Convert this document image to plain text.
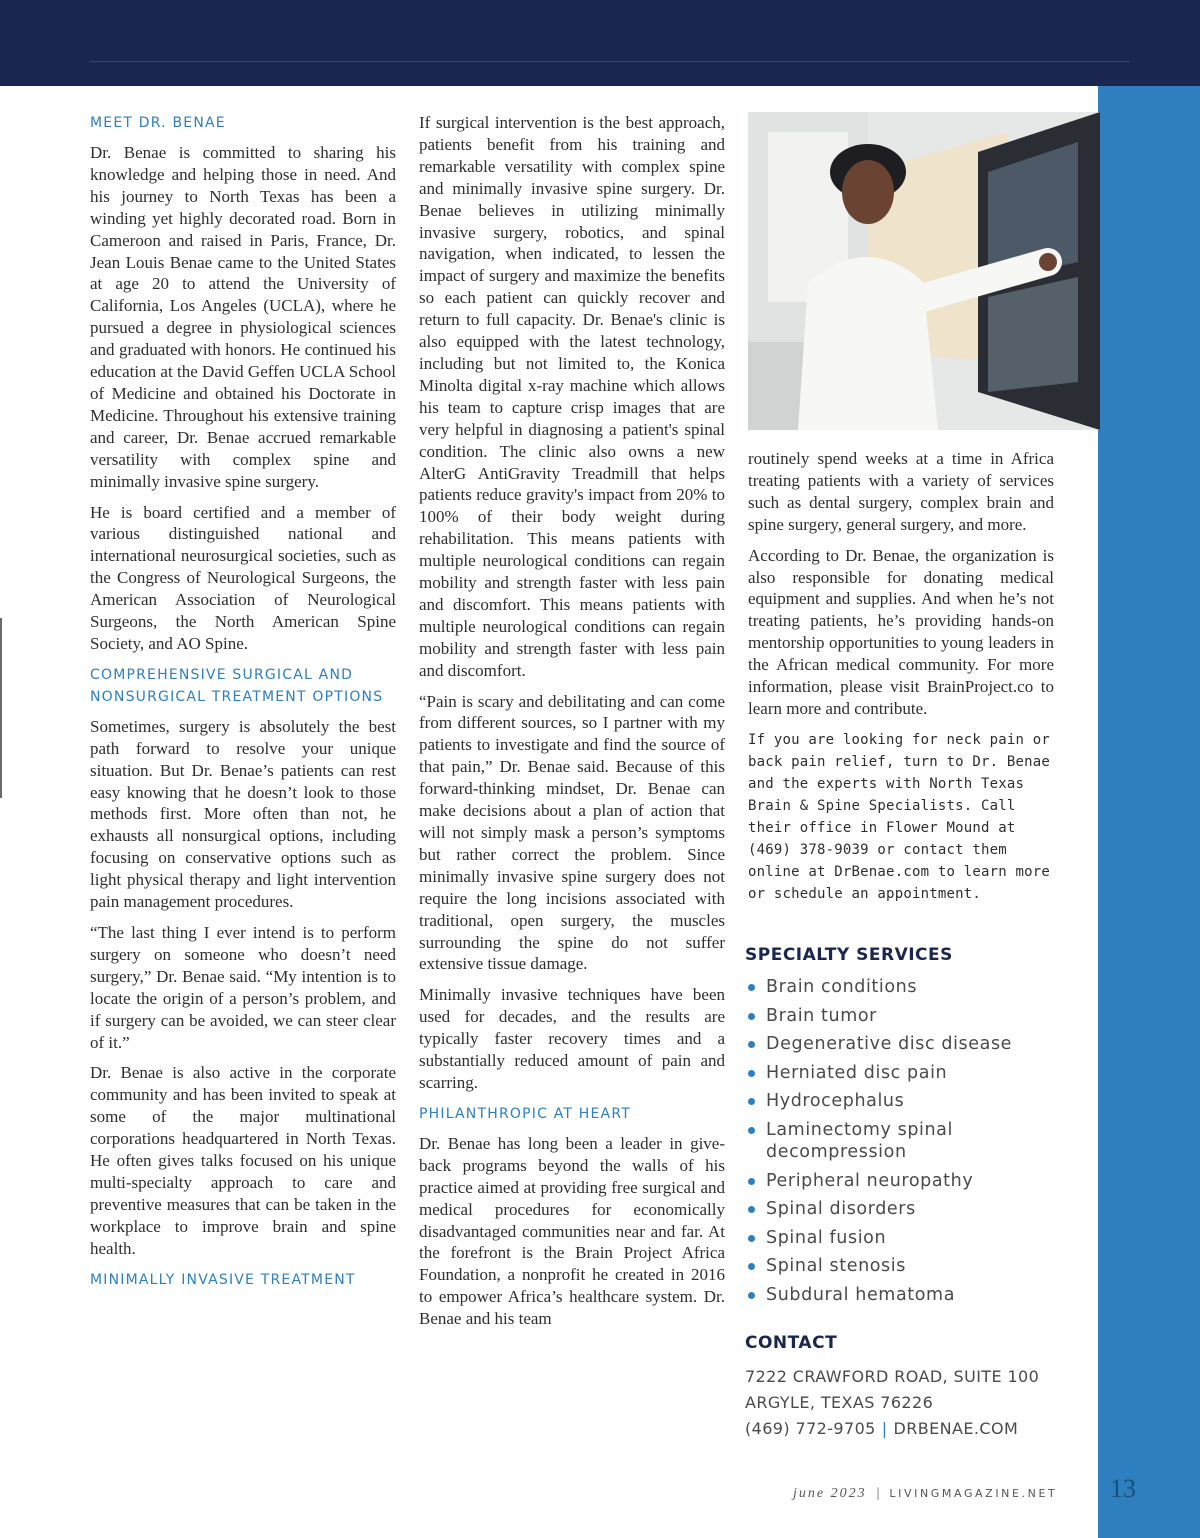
MEET DR. BENAE

Dr. Benae is committed to sharing his knowledge and helping those in need. And his journey to North Texas has been a winding yet highly decorated road. Born in Cameroon and raised in Paris, France, Dr. Jean Louis Benae came to the United States at age 20 to attend the University of California, Los Angeles (UCLA), where he pursued a degree in physiological sciences and graduated with honors. He continued his education at the David Geffen UCLA School of Medicine and obtained his Doctorate in Medicine. Throughout his extensive training and career, Dr. Benae accrued remarkable versatility with complex spine and minimally invasive spine surgery.

He is board certified and a member of various distinguished national and international neurosurgical societies, such as the Congress of Neurological Surgeons, the American Association of Neurological Surgeons, the North American Spine Society, and AO Spine.

COMPREHENSIVE SURGICAL AND NONSURGICAL TREATMENT OPTIONS

Sometimes, surgery is absolutely the best path forward to resolve your unique situation. But Dr. Benae’s patients can rest easy knowing that he doesn’t look to those methods first. More often than not, he exhausts all nonsurgical options, including focusing on conservative options such as light physical therapy and light intervention pain management procedures.

“The last thing I ever intend is to perform surgery on someone who doesn’t need surgery,” Dr. Benae said. “My intention is to locate the origin of a person’s problem, and if surgery can be avoided, we can steer clear of it.”

Dr. Benae is also active in the corporate community and has been invited to speak at some of the major multinational corporations headquartered in North Texas. He often gives talks focused on his unique multi-specialty approach to care and preventive measures that can be taken in the workplace to improve brain and spine health.

MINIMALLY INVASIVE TREATMENT

If surgical intervention is the best approach, patients benefit from his training and remarkable versatility with complex spine and minimally invasive spine surgery. Dr. Benae believes in utilizing minimally invasive surgery, robotics, and spinal navigation, when indicated, to lessen the impact of surgery and maximize the benefits so each patient can quickly recover and return to full capacity. Dr. Benae's clinic is also equipped with the latest technology, including but not limited to, the Konica Minolta digital x-ray machine which allows his team to capture crisp images that are very helpful in diagnosing a patient's spinal condition. The clinic also owns a new AlterG AntiGravity Treadmill that helps patients reduce gravity's impact from 20% to 100% of their body weight during rehabilitation. This means patients with multiple neurological conditions can regain mobility and strength faster with less pain and discomfort. This means patients with multiple neurological conditions can regain mobility and strength faster with less pain and discomfort.

“Pain is scary and debilitating and can come from different sources, so I partner with my patients to investigate and find the source of that pain,” Dr. Benae said. Because of this forward-thinking mindset, Dr. Benae can make decisions about a plan of action that will not simply mask a person’s symptoms but rather correct the problem. Since minimally invasive spine surgery does not require the long incisions associated with traditional, open surgery, the muscles surrounding the spine do not suffer extensive tissue damage.

Minimally invasive techniques have been used for decades, and the results are typically faster recovery times and a substantially reduced amount of pain and scarring.

PHILANTHROPIC AT HEART

Dr. Benae has long been a leader in give-back programs beyond the walls of his practice aimed at providing free surgical and medical procedures for economically disadvantaged communities near and far. At the forefront is the Brain Project Africa Foundation, a nonprofit he created in 2016 to empower Africa’s healthcare system. Dr. Benae and his team

routinely spend weeks at a time in Africa treating patients with a variety of services such as dental surgery, complex brain and spine surgery, general surgery, and more.

According to Dr. Benae, the organization is also responsible for donating medical equipment and supplies. And when he’s not treating patients, he’s providing hands-on mentorship opportunities to young leaders in the African medical community. For more information, please visit BrainProject.co to learn more and contribute.

If you are looking for neck pain or back pain relief, turn to Dr. Benae and the experts with North Texas Brain & Spine Specialists. Call their office in Flower Mound at (469) 378-9039 or contact them online at DrBenae.com to learn more or schedule an appointment.

SPECIALTY SERVICES
Brain conditions
Brain tumor
Degenerative disc disease
Herniated disc pain
Hydrocephalus
Laminectomy spinal decompression
Peripheral neuropathy
Spinal disorders
Spinal fusion
Spinal stenosis
Subdural hematoma
CONTACT
7222 CRAWFORD ROAD, SUITE 100
ARGYLE, TEXAS 76226
(469) 772-9705 | DRBENAE.COM
june 2023 | LIVINGMAGAZINE.NET 13
